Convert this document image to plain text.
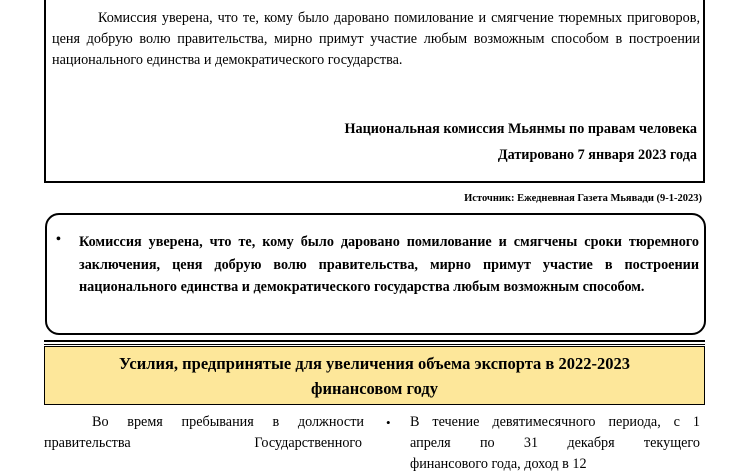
Комиссия уверена, что те, кому было даровано помилование и смягчение тюремных приговоров, ценя добрую волю правительства, мирно примут участие любым возможным способом в построении национального единства и демократического государства.

Национальная комиссия Мьянмы по правам человека
Датировано 7 января 2023 года
Источник: Ежедневная Газета Мьявади (9-1-2023)
• Комиссия уверена, что те, кому было даровано помилование и смягчены сроки тюремного заключения, ценя добрую волю правительства, мирно примут участие в построении национального единства и демократического государства любым возможным способом.

Усилия, предпринятые для увеличения объема экспорта в 2022-2023
финансовом году
Во время пребывания в должности
правительства Государственного
• В течение девятимесячного периода, с 1
апреля по 31 декабря текущего
финансового года, доход в 12
